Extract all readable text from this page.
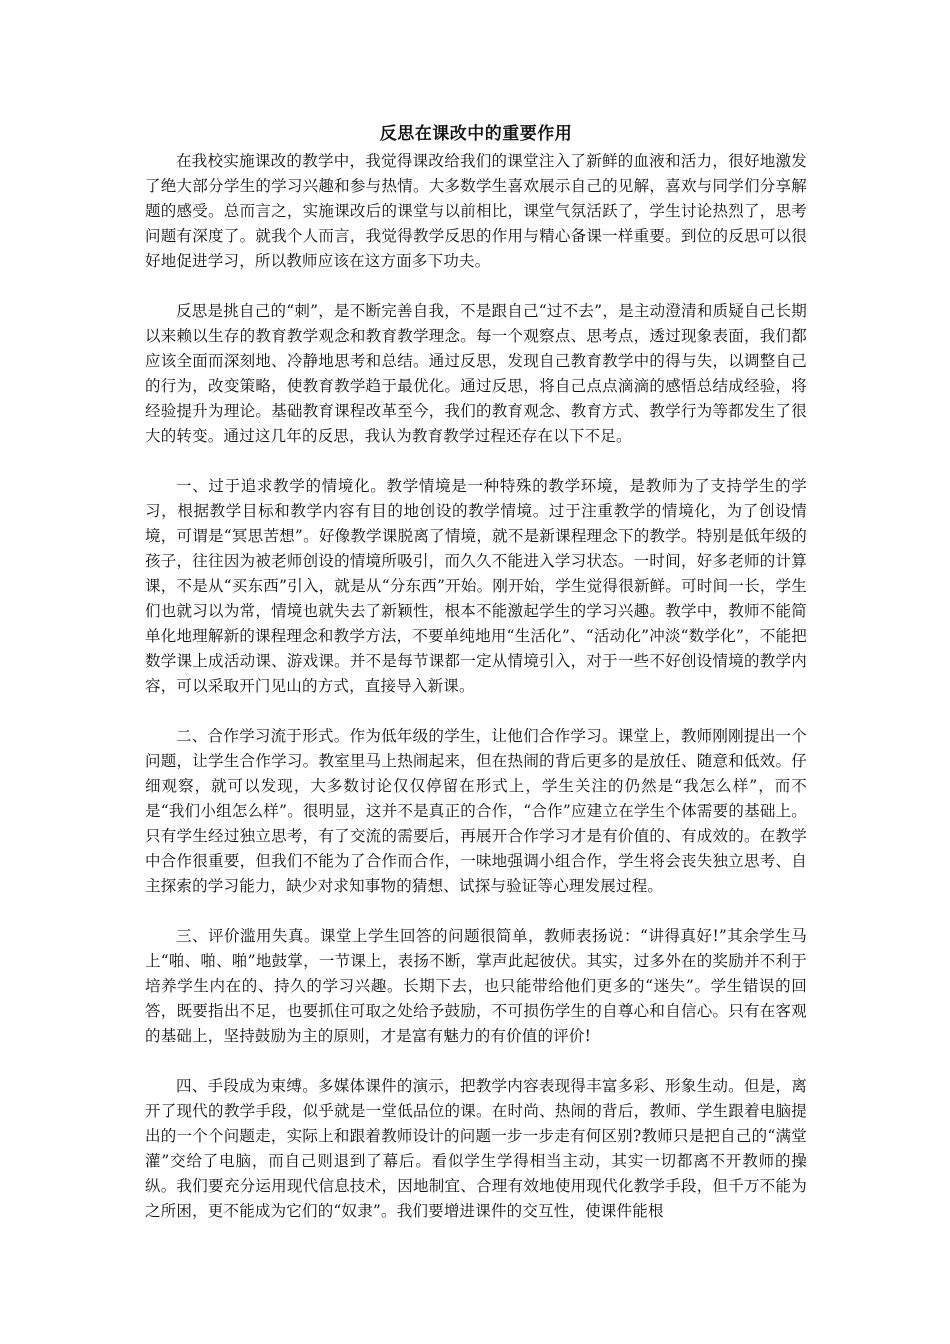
反思在课改中的重要作用

在我校实施课改的教学中，我觉得课改给我们的课堂注入了新鲜的血液和活力，很好地激发了绝大部分学生的学习兴趣和参与热情。大多数学生喜欢展示自己的见解，喜欢与同学们分享解题的感受。总而言之，实施课改后的课堂与以前相比，课堂气氛活跃了，学生讨论热烈了，思考问题有深度了。就我个人而言，我觉得教学反思的作用与精心备课一样重要。到位的反思可以很好地促进学习，所以教师应该在这方面多下功夫。

反思是挑自己的“刺”，是不断完善自我，不是跟自己“过不去”，是主动澄清和质疑自己长期以来赖以生存的教育教学观念和教育教学理念。每一个观察点、思考点，透过现象表面，我们都应该全面而深刻地、冷静地思考和总结。通过反思，发现自己教育教学中的得与失，以调整自己的行为，改变策略，使教育教学趋于最优化。通过反思，将自己点点滴滴的感悟总结成经验，将经验提升为理论。基础教育课程改革至今，我们的教育观念、教育方式、教学行为等都发生了很大的转变。通过这几年的反思，我认为教育教学过程还存在以下不足。

一、过于追求教学的情境化。教学情境是一种特殊的教学环境，是教师为了支持学生的学习，根据教学目标和教学内容有目的地创设的教学情境。过于注重教学的情境化，为了创设情境，可谓是“冥思苦想”。好像教学课脱离了情境，就不是新课程理念下的教学。特别是低年级的孩子，往往因为被老师创设的情境所吸引，而久久不能进入学习状态。一时间，好多老师的计算课，不是从“买东西”引入，就是从“分东西”开始。刚开始，学生觉得很新鲜。可时间一长，学生们也就习以为常，情境也就失去了新颖性，根本不能激起学生的学习兴趣。教学中，教师不能简单化地理解新的课程理念和教学方法，不要单纯地用“生活化”、“活动化”冲淡“数学化”，不能把数学课上成活动课、游戏课。并不是每节课都一定从情境引入，对于一些不好创设情境的教学内容，可以采取开门见山的方式，直接导入新课。

二、合作学习流于形式。作为低年级的学生，让他们合作学习。课堂上，教师刚刚提出一个问题，让学生合作学习。教室里马上热闹起来，但在热闹的背后更多的是放任、随意和低效。仔细观察，就可以发现，大多数讨论仅仅停留在形式上，学生关注的仍然是“我怎么样”，而不是“我们小组怎么样”。很明显，这并不是真正的合作，“合作”应建立在学生个体需要的基础上。只有学生经过独立思考，有了交流的需要后，再展开合作学习才是有价值的、有成效的。在教学中合作很重要，但我们不能为了合作而合作，一味地强调小组合作，学生将会丧失独立思考、自主探索的学习能力，缺少对求知事物的猜想、试探与验证等心理发展过程。

三、评价滥用失真。课堂上学生回答的问题很简单，教师表扬说：“讲得真好!”其余学生马上“啪、啪、啪”地鼓掌，一节课上，表扬不断，掌声此起彼伏。其实，过多外在的奖励并不利于培养学生内在的、持久的学习兴趣。长期下去，也只能带给他们更多的“迷失”。学生错误的回答，既要指出不足，也要抓住可取之处给予鼓励，不可损伤学生的自尊心和自信心。只有在客观的基础上，坚持鼓励为主的原则，才是富有魅力的有价值的评价!

四、手段成为束缚。多媒体课件的演示，把教学内容表现得丰富多彩、形象生动。但是，离开了现代的教学手段，似乎就是一堂低品位的课。在时尚、热闹的背后，教师、学生跟着电脑提出的一个个问题走，实际上和跟着教师设计的问题一步一步走有何区别?教师只是把自己的“满堂灌”交给了电脑，而自己则退到了幕后。看似学生学得相当主动，其实一切都离不开教师的操纵。我们要充分运用现代信息技术，因地制宜、合理有效地使用现代化教学手段，但千万不能为之所困，更不能成为它们的“奴隶”。我们要增进课件的交互性，使课件能根
